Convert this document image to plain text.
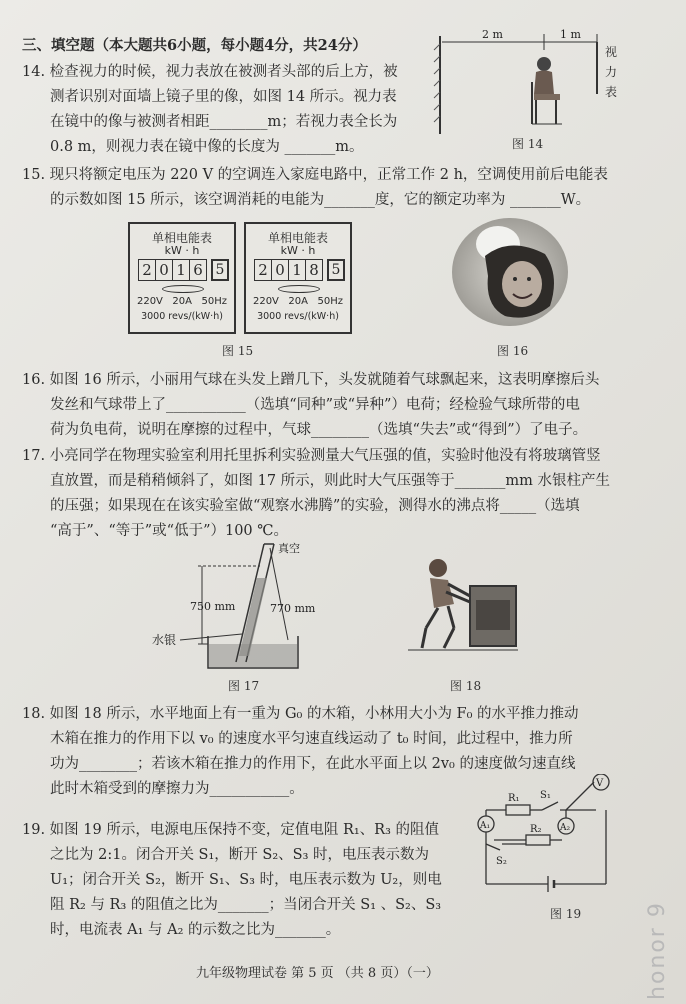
三、填空题（本大题共6小题，每小题4分，共24分）
14. 检查视力的时候，视力表放在被测者头部的后上方，被
测者识别对面墙上镜子里的像，如图 14 所示。视力表
在镜中的像与被测者相距________m；若视力表全长为
0.8 m，则视力表在镜中像的长度为 _______m。
2 m	1 m
视力表
图 14
15. 现只将额定电压为 220 V 的空调连入家庭电路中，正常工作 2 h，空调使用前后电能表
的示数如图 15 所示，该空调消耗的电能为_______度，它的额定功率为 _______W。
单相电能表
kW · h
2 0 1 6 5
220V   20A   50Hz
3000 revs/(kW·h)
单相电能表
kW · h
2 0 1 8 5
220V   20A   50Hz
3000 revs/(kW·h)
图 15	图 16
16. 如图 16 所示，小丽用气球在头发上蹭几下，头发就随着气球飘起来，这表明摩擦后头
发丝和气球带上了___________（选填“同种”或“异种”）电荷；经检验气球所带的电
荷为负电荷，说明在摩擦的过程中，气球________（选填“失去”或“得到”）了电子。
17. 小亮同学在物理实验室利用托里拆利实验测量大气压强的值，实验时他没有将玻璃管竖
直放置，而是稍稍倾斜了，如图 17 所示，则此时大气压强等于_______mm 水银柱产生
的压强；如果现在在该实验室做“观察水沸腾”的实验，测得水的沸点将_____（选填
“高于”、“等于”或“低于”）100 ℃。
750 mm	770 mm
真空
水银
图 17	图 18
18. 如图 18 所示，水平地面上有一重为 G₀ 的木箱，小林用大小为 F₀ 的水平推力推动
木箱在推力的作用下以 v₀ 的速度水平匀速直线运动了 t₀ 时间，此过程中，推力所
功为________；若该木箱在推力的作用下，在此水平面上以 2v₀ 的速度做匀速直线
此时木箱受到的摩擦力为___________。
19. 如图 19 所示，电源电压保持不变，定值电阻 R₁、R₃ 的阻值
之比为 2:1。闭合开关 S₁，断开 S₂、S₃ 时，电压表示数为
U₁；闭合开关 S₂，断开 S₁、S₃ 时，电压表示数为 U₂，则电
阻 R₂ 与 R₃ 的阻值之比为_______；当闭合开关 S₁ 、S₂、S₃
时，电流表 A₁ 与 A₂ 的示数之比为_______。
R₁ S₁
V
A₁	A₂
R₂
S₂
图 19
九年级物理试卷 第 5 页 （共 8 页）（一）	honor 9
